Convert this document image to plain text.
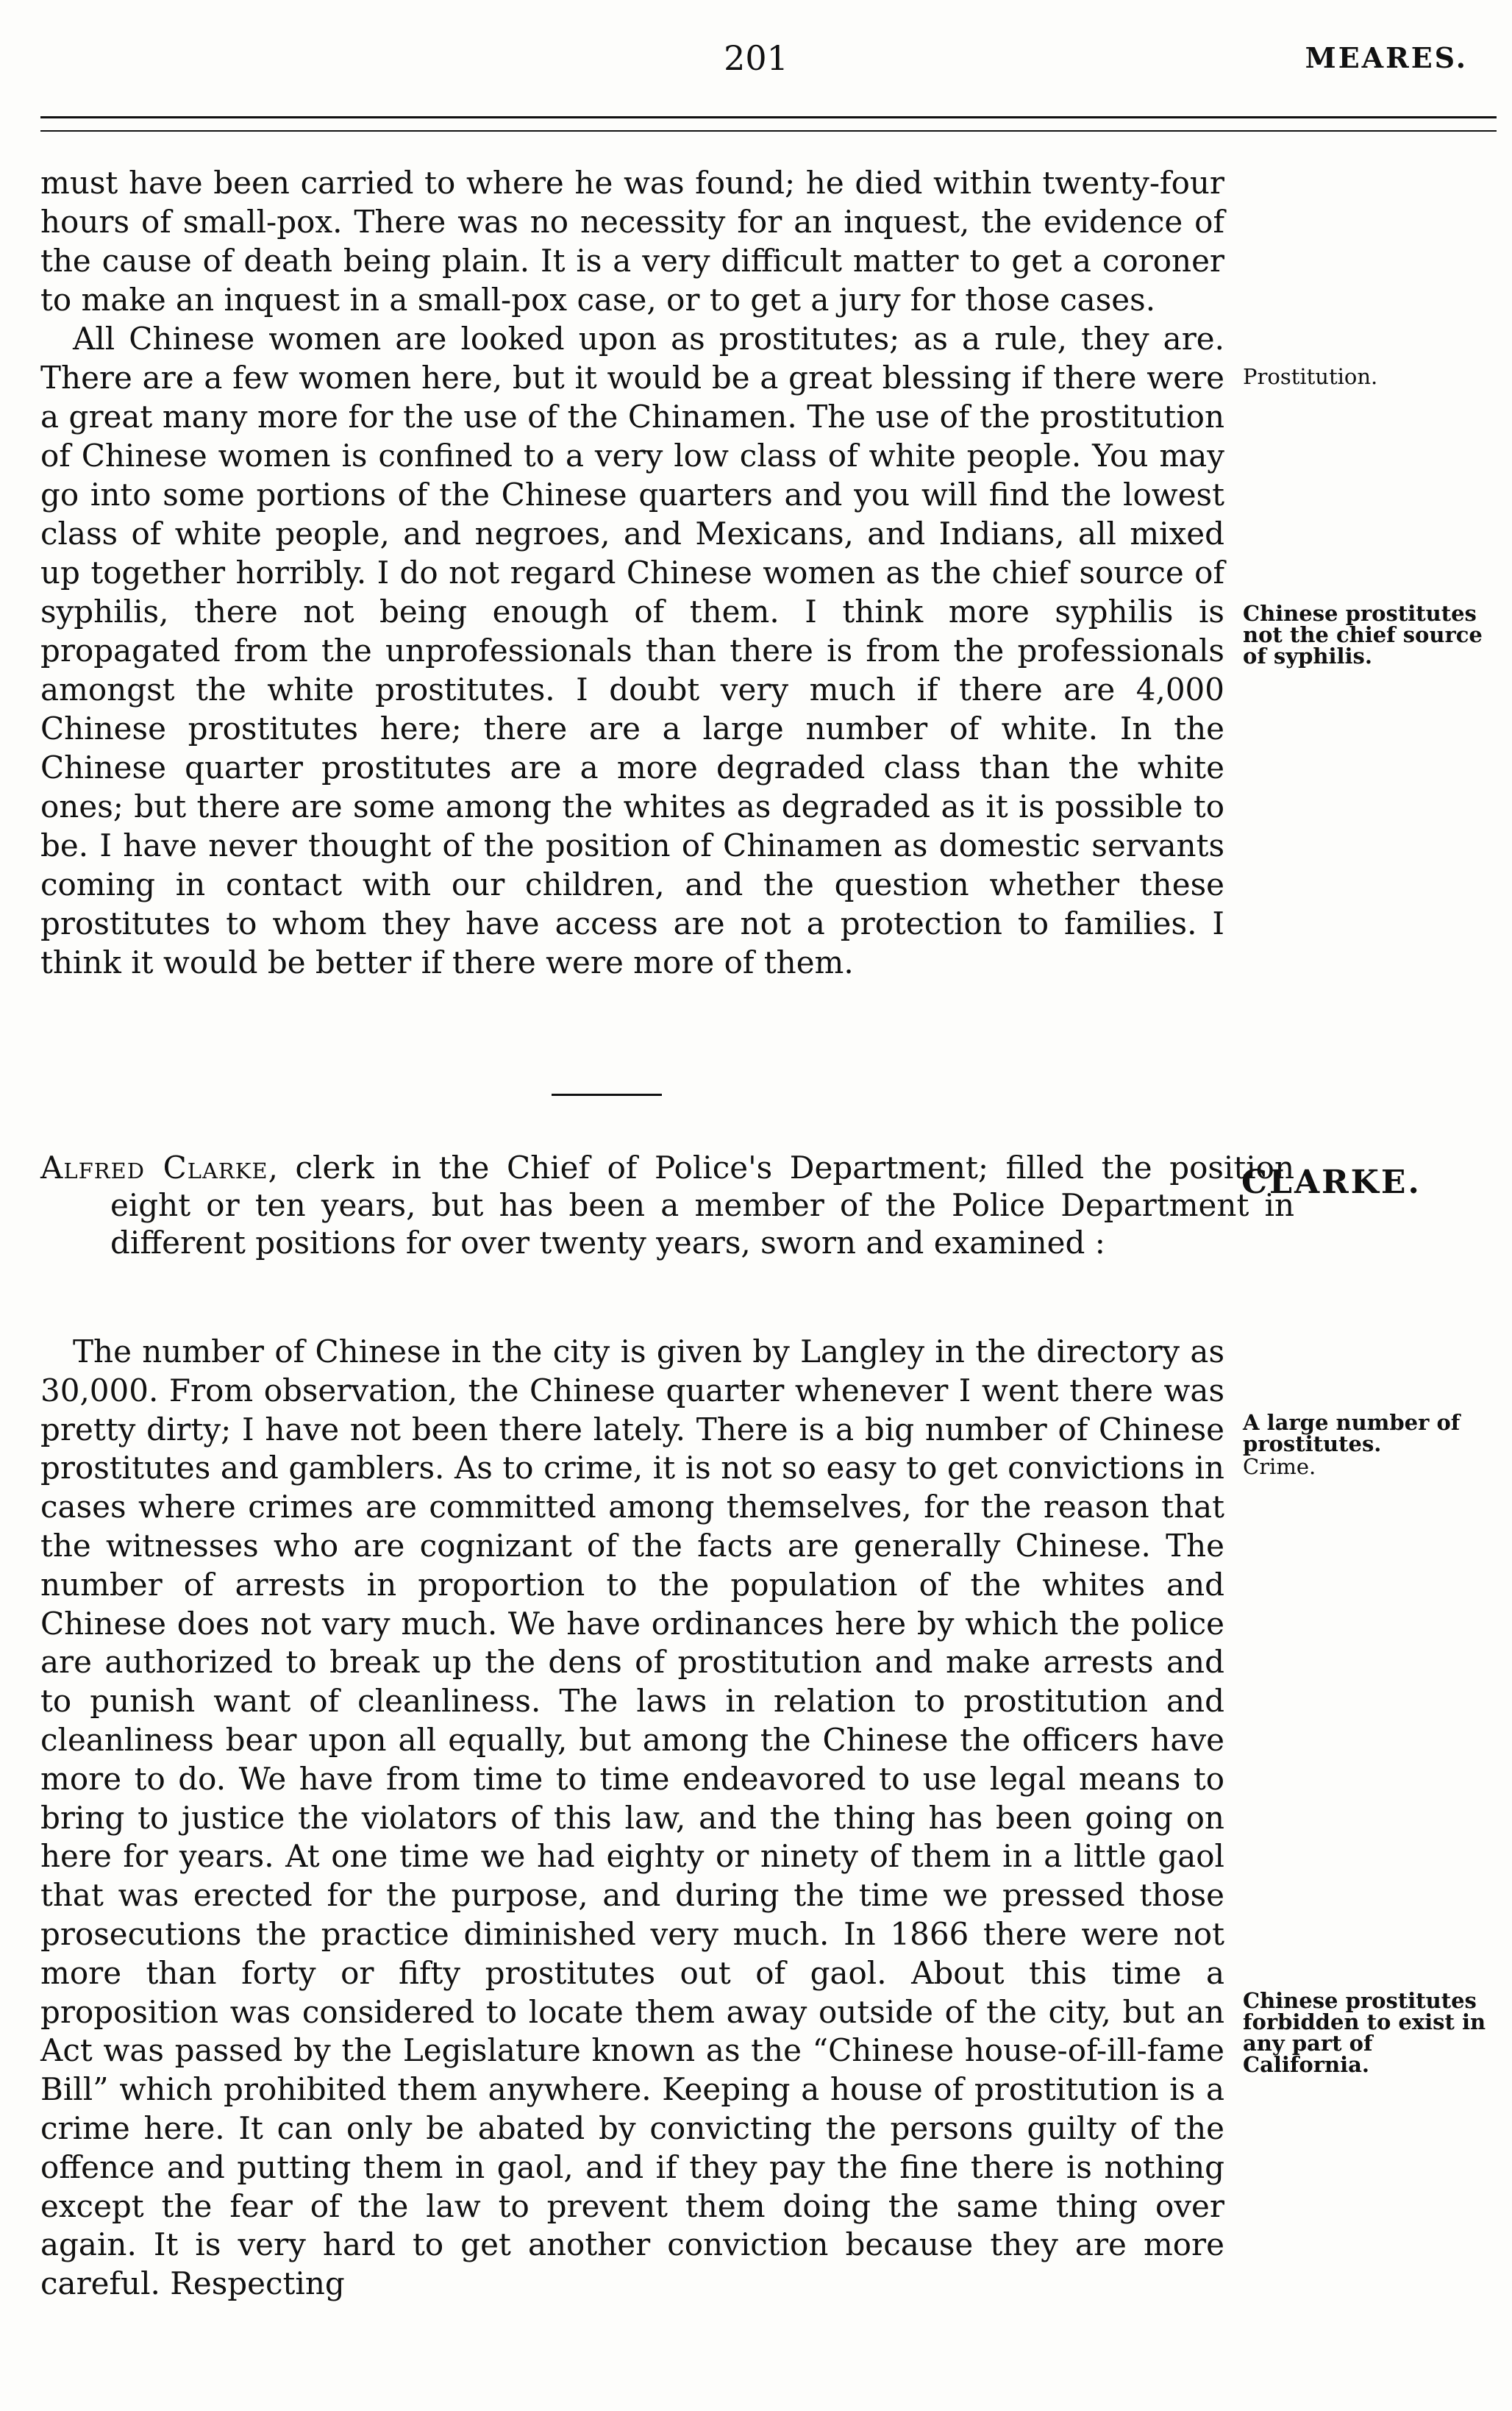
201	MEARES.

must have been carried to where he was found; he died within twenty-four hours of small-pox. There was no necessity for an inquest, the evidence of the cause of death being plain. It is a very difficult matter to get a coroner to make an inquest in a small-pox case, or to get a jury for those cases.

All Chinese women are looked upon as prostitutes; as a rule, they are. There are a few women here, but it would be a great blessing if there were a great many more for the use of the Chinamen. The use of the prostitution of Chinese women is confined to a very low class of white people. You may go into some portions of the Chinese quarters and you will find the lowest class of white people, and negroes, and Mexicans, and Indians, all mixed up together horribly. I do not regard Chinese women as the chief source of syphilis, there not being enough of them. I think more syphilis is propagated from the unprofessionals than there is from the professionals amongst the white prostitutes. I doubt very much if there are 4,000 Chinese prostitutes here; there are a large number of white. In the Chinese quarter prostitutes are a more degraded class than the white ones; but there are some among the whites as degraded as it is possible to be. I have never thought of the position of Chinamen as domestic servants coming in contact with our children, and the question whether these prostitutes to whom they have access are not a protection to families. I think it would be better if there were more of them.

Prostitution.
Chinese prostitutes not the chief source of syphilis.
Alfred Clarke, clerk in the Chief of Police's Department; filled the position eight or ten years, but has been a member of the Police Department in different positions for over twenty years, sworn and examined :
CLARKE.

The number of Chinese in the city is given by Langley in the directory as 30,000. From observation, the Chinese quarter whenever I went there was pretty dirty; I have not been there lately. There is a big number of Chinese prostitutes and gamblers. As to crime, it is not so easy to get convictions in cases where crimes are committed among themselves, for the reason that the witnesses who are cognizant of the facts are generally Chinese. The number of arrests in proportion to the population of the whites and Chinese does not vary much. We have ordinances here by which the police are authorized to break up the dens of prostitution and make arrests and to punish want of cleanliness. The laws in relation to prostitution and cleanliness bear upon all equally, but among the Chinese the officers have more to do. We have from time to time endeavored to use legal means to bring to justice the violators of this law, and the thing has been going on here for years. At one time we had eighty or ninety of them in a little gaol that was erected for the purpose, and during the time we pressed those prosecutions the practice diminished very much. In 1866 there were not more than forty or fifty prostitutes out of gaol. About this time a proposition was considered to locate them away outside of the city, but an Act was passed by the Legislature known as the “Chinese house-of-ill-fame Bill” which prohibited them anywhere. Keeping a house of prostitution is a crime here. It can only be abated by convicting the persons guilty of the offence and putting them in gaol, and if they pay the fine there is nothing except the fear of the law to prevent them doing the same thing over again. It is very hard to get another conviction because they are more careful. Respecting

A large number of prostitutes.
Crime.
Chinese prostitutes forbidden to exist in any part of California.
